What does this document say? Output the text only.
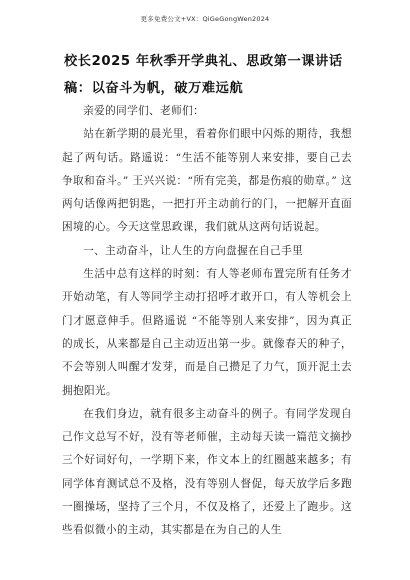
更多免费公文+VX：QiGeGongWen2024
校长2025 年秋季开学典礼、思政第一课讲话稿：以奋斗为帆，破万难远航

亲爱的同学们、老师们：

站在新学期的晨光里，看着你们眼中闪烁的期待，我想起了两句话。路遥说：“生活不能等别人来安排，要自己去争取和奋斗。” 王兴兴说：“所有完美，都是伤痕的勋章。” 这两句话像两把钥匙，一把打开主动前行的门，一把解开直面困境的心。今天这堂思政课，我们就从这两句话说起。

一、主动奋斗，让人生的方向盘握在自己手里

生活中总有这样的时刻：有人等老师布置完所有任务才开始动笔，有人等同学主动打招呼才敢开口，有人等机会上门才愿意伸手。但路遥说 “不能等别人来安排”，因为真正的成长，从来都是自己主动迈出第一步。就像春天的种子，不会等别人叫醒才发芽，而是自己攒足了力气，顶开泥土去拥抱阳光。

在我们身边，就有很多主动奋斗的例子。有同学发现自己作文总写不好，没有等老师催，主动每天读一篇范文摘抄三个好词好句，一学期下来，作文本上的红圈越来越多；有同学体育测试总不及格，没有等别人督促，每天放学后多跑一圈操场，坚持了三个月，不仅及格了，还爱上了跑步。这些看似微小的主动，其实都是在为自己的人生
